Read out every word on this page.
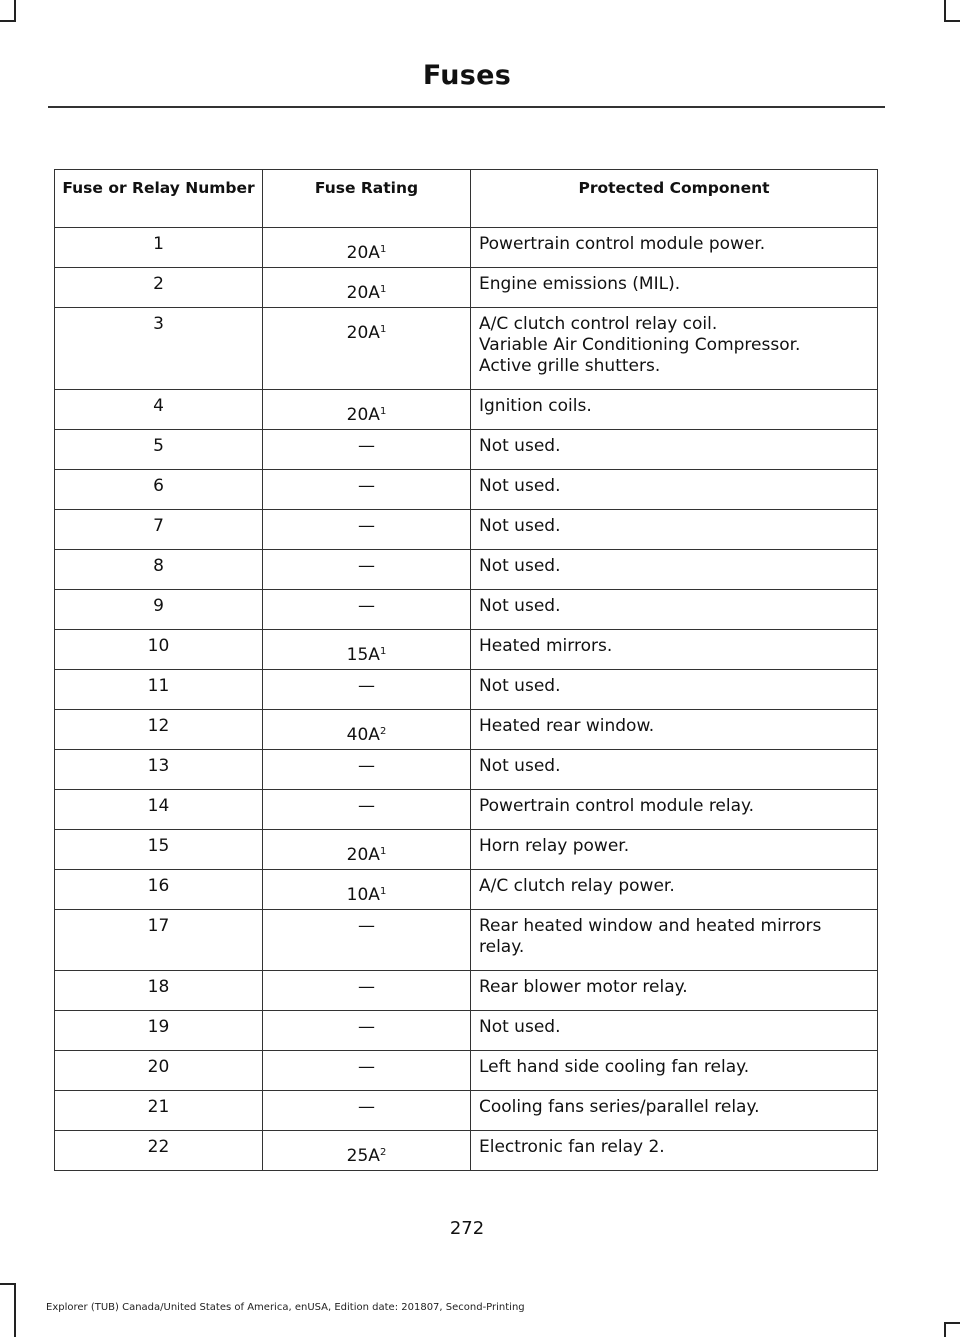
Fuses
Fuse or Relay Number	Fuse Rating	Protected Component
1	$20A^1$	Powertrain control module power.

2	$20A^1$	Engine emissions (MIL).

3	$20A^1$	A/C clutch control relay coil.
Variable Air Conditioning Compressor.
Active grille shutters.

4	$20A^1$	Ignition coils.

5	—	Not used.

6	—	Not used.

7	—	Not used.

8	—	Not used.

9	—	Not used.

10	$15A^1$	Heated mirrors.

11	—	Not used.

12	$40A^2$	Heated rear window.

13	—	Not used.

14	—	Powertrain control module relay.

15	$20A^1$	Horn relay power.

16	$10A^1$	A/C clutch relay power.

17	—	Rear heated window and heated mirrors
relay.

18	—	Rear blower motor relay.

19	—	Not used.

20	—	Left hand side cooling fan relay.

21	—	Cooling fans series/parallel relay.

22	$25A^2$	Electronic fan relay 2.
272
Explorer (TUB) Canada/United States of America, enUSA, Edition date: 201807, Second-Printing
